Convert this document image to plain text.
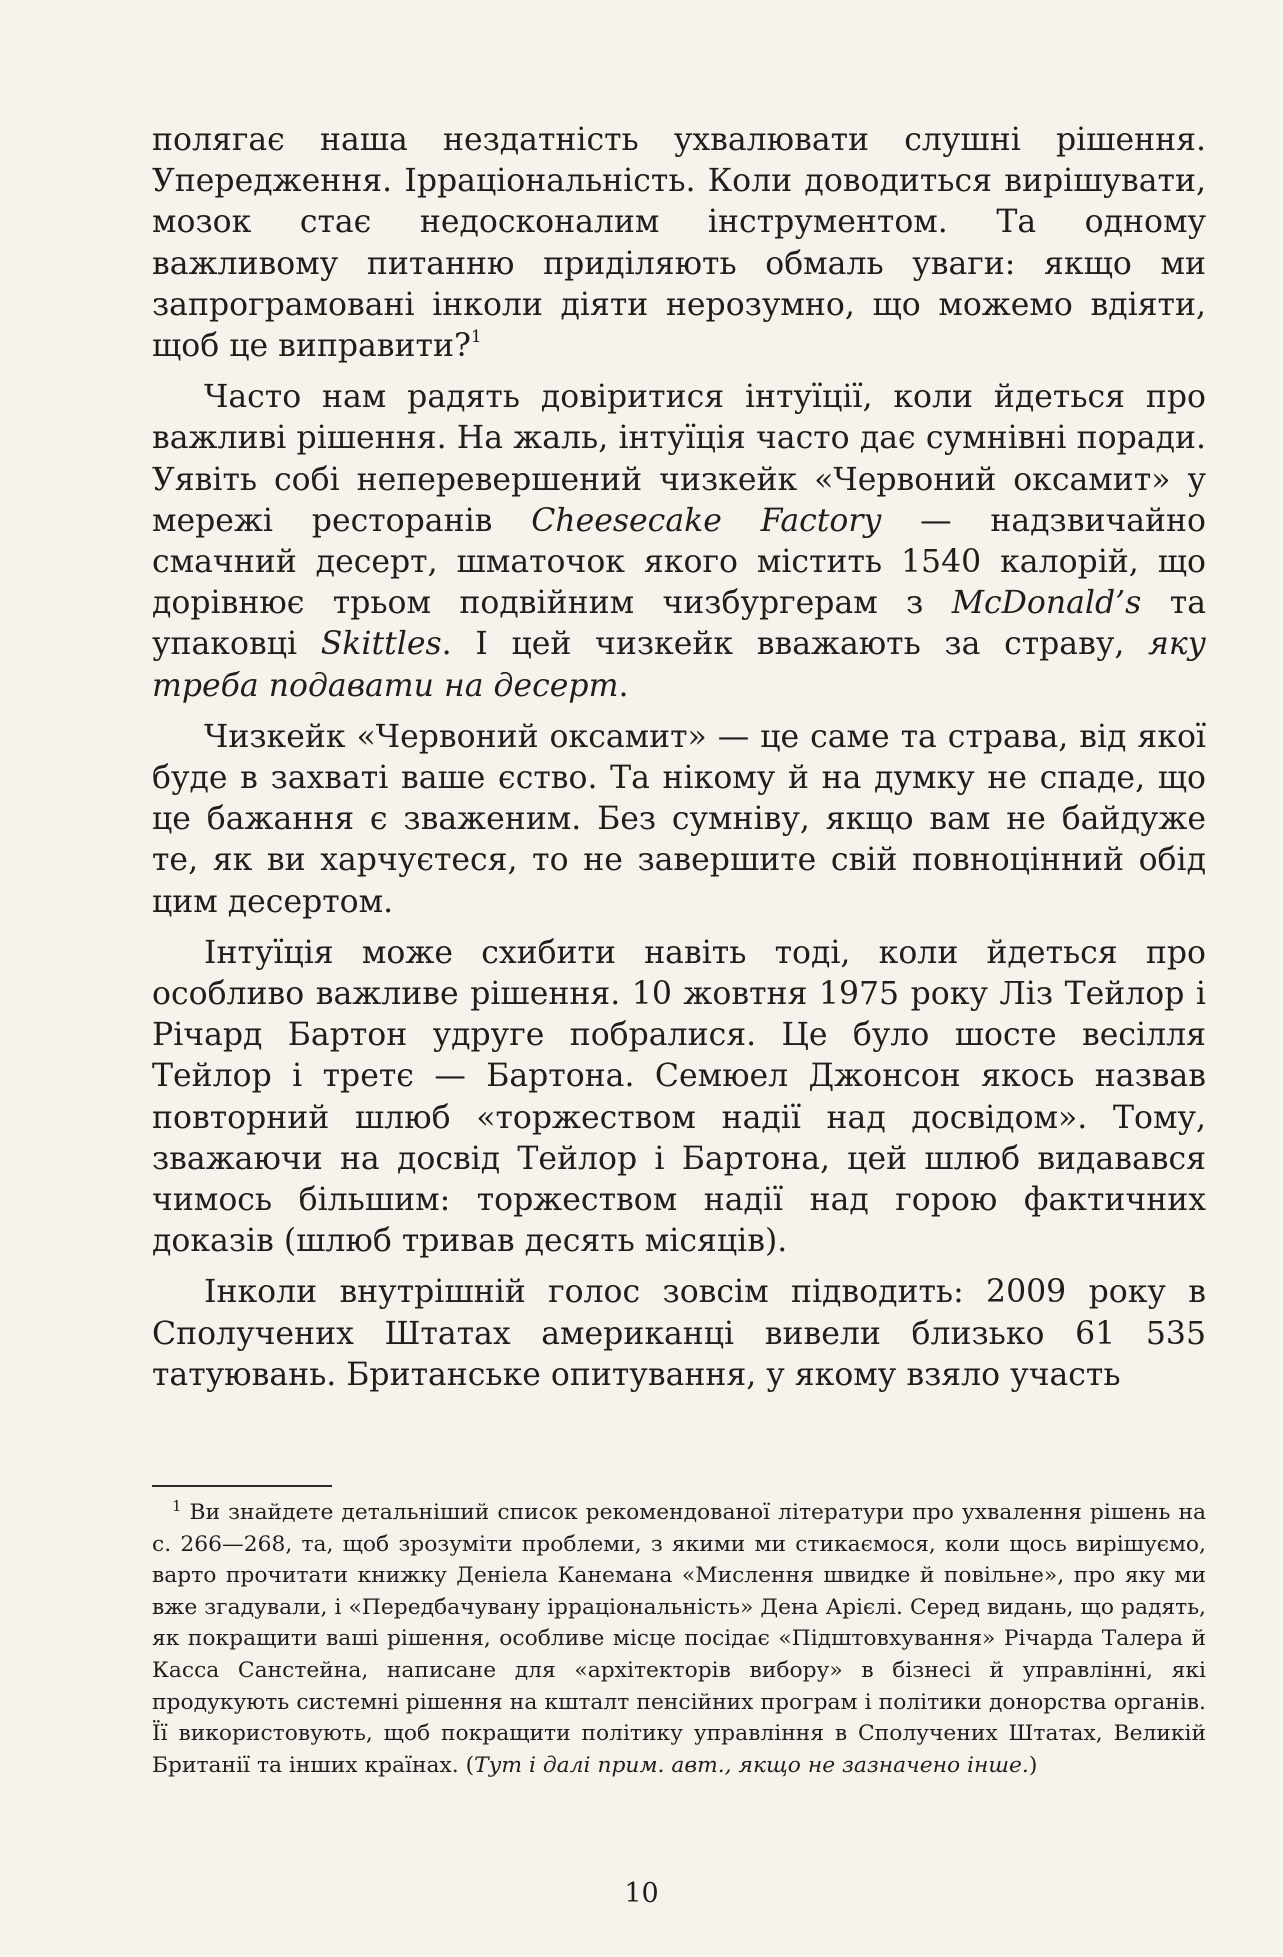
полягає наша нездатність ухвалювати слушні рішення. Упередження. Ірраціональність. Коли доводиться вирішувати, мозок стає недосконалим інструментом. Та одному важливому питанню приділяють обмаль уваги: якщо ми запрограмовані інколи діяти нерозумно, що можемо вдіяти, щоб це виправити?$^1$

Часто нам радять довіритися інтуїції, коли йдеться про важливі рішення. На жаль, інтуїція часто дає сумнівні поради. Уявіть собі неперевершений чизкейк «Червоний оксамит» у мережі ресторанів Cheesecake Factory — надзвичайно смачний десерт, шматочок якого містить 1540 калорій, що дорівнює трьом подвійним чизбургерам з McDonald’s та упаковці Skittles. І цей чизкейк вважають за страву, яку треба подавати на десерт.

Чизкейк «Червоний оксамит» — це саме та страва, від якої буде в захваті ваше єство. Та нікому й на думку не спаде, що це бажання є зваженим. Без сумніву, якщо вам не байдуже те, як ви харчуєтеся, то не завершите свій повноцінний обід цим десертом.

Інтуїція може схибити навіть тоді, коли йдеться про особливо важливе рішення. 10 жовтня 1975 року Ліз Тейлор і Річард Бартон удруге побралися. Це було шосте весілля Тейлор і третє — Бартона. Семюел Джонсон якось назвав повторний шлюб «торжеством надії над досвідом». Тому, зважаючи на досвід Тейлор і Бартона, цей шлюб видавався чимось більшим: торжеством надії над горою фактичних доказів (шлюб тривав десять місяців).

Інколи внутрішній голос зовсім підводить: 2009 року в Сполучених Штатах американці вивели близько 61 535 татуювань. Британське опитування, у якому взяло участь

$^1$ Ви знайдете детальніший список рекомендованої літератури про ухвалення рішень на с. 266—268, та, щоб зрозуміти проблеми, з якими ми стикаємося, коли щось вирішуємо, варто прочитати книжку Деніела Канемана «Мислення швидке й повільне», про яку ми вже згадували, і «Передбачувану ірраціональність» Дена Арієлі. Серед видань, що радять, як покращити ваші рішення, особливе місце посідає «Підштовхування» Річарда Талера й Касса Санстейна, написане для «архітекторів вибору» в бізнесі й управлінні, які продукують системні рішення на кшталт пенсійних програм і політики донорства органів. Її використовують, щоб покращити політику управління в Сполучених Штатах, Великій Британії та інших країнах. (Тут і далі прим. авт., якщо не зазначено інше.)

10
